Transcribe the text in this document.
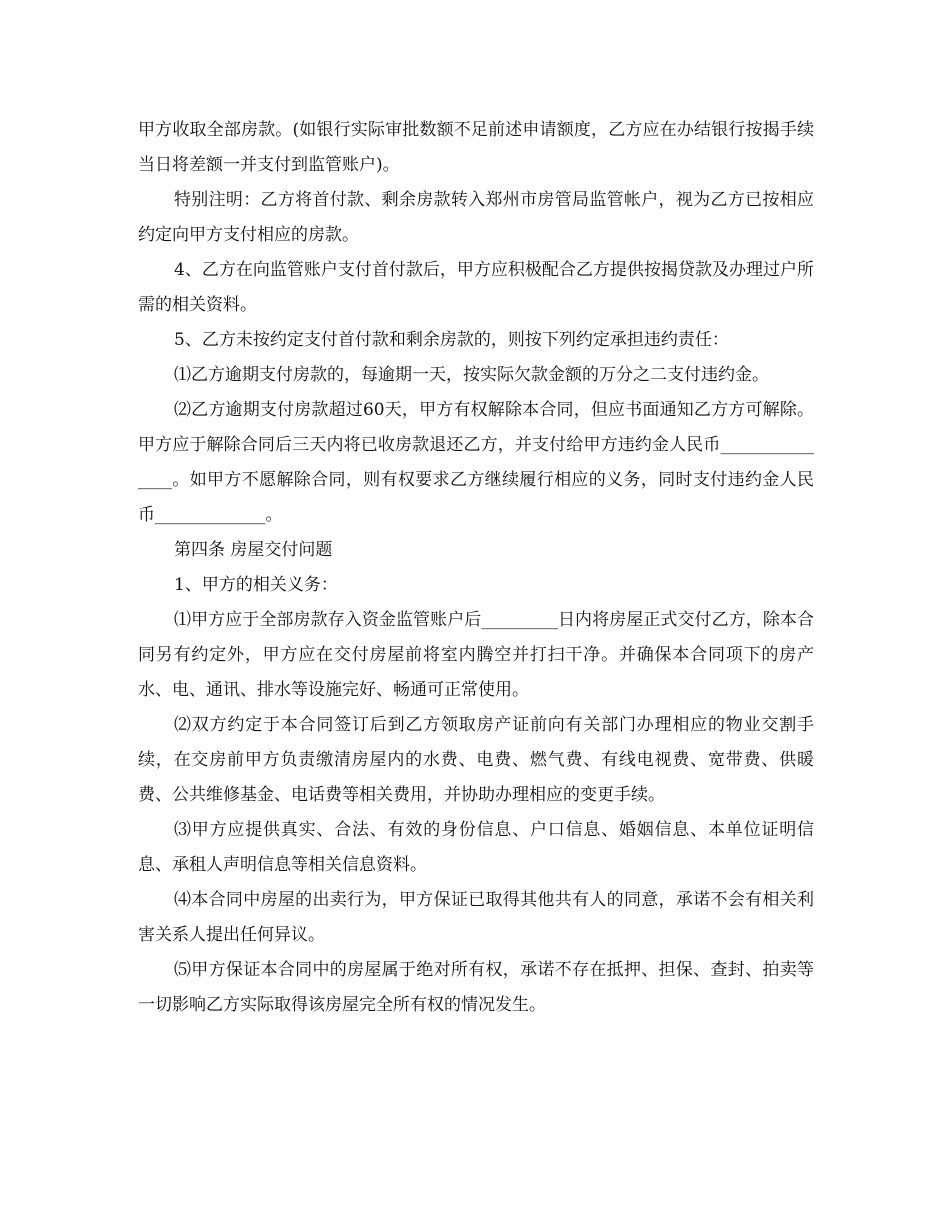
甲方收取全部房款。(如银行实际审批数额不足前述申请额度，乙方应在办结银行按揭手续当日将差额一并支付到监管账户)。

特别注明：乙方将首付款、剩余房款转入郑州市房管局监管帐户，视为乙方已按相应约定向甲方支付相应的房款。

4、乙方在向监管账户支付首付款后，甲方应积极配合乙方提供按揭贷款及办理过户所需的相关资料。

5、乙方未按约定支付首付款和剩余房款的，则按下列约定承担违约责任：

⑴乙方逾期支付房款的，每逾期一天，按实际欠款金额的万分之二支付违约金。

⑵乙方逾期支付房款超过60天，甲方有权解除本合同，但应书面通知乙方方可解除。甲方应于解除合同后三天内将已收房款退还乙方，并支付给甲方违约金人民币_______________。如甲方不愿解除合同，则有权要求乙方继续履行相应的义务，同时支付违约金人民币_____________。

第四条 房屋交付问题

1、甲方的相关义务：

⑴甲方应于全部房款存入资金监管账户后_________日内将房屋正式交付乙方，除本合同另有约定外，甲方应在交付房屋前将室内腾空并打扫干净。并确保本合同项下的房产水、电、通讯、排水等设施完好、畅通可正常使用。

⑵双方约定于本合同签订后到乙方领取房产证前向有关部门办理相应的物业交割手续，在交房前甲方负责缴清房屋内的水费、电费、燃气费、有线电视费、宽带费、供暖费、公共维修基金、电话费等相关费用，并协助办理相应的变更手续。

⑶甲方应提供真实、合法、有效的身份信息、户口信息、婚姻信息、本单位证明信息、承租人声明信息等相关信息资料。

⑷本合同中房屋的出卖行为，甲方保证已取得其他共有人的同意，承诺不会有相关利害关系人提出任何异议。

⑸甲方保证本合同中的房屋属于绝对所有权，承诺不存在抵押、担保、查封、拍卖等一切影响乙方实际取得该房屋完全所有权的情况发生。
